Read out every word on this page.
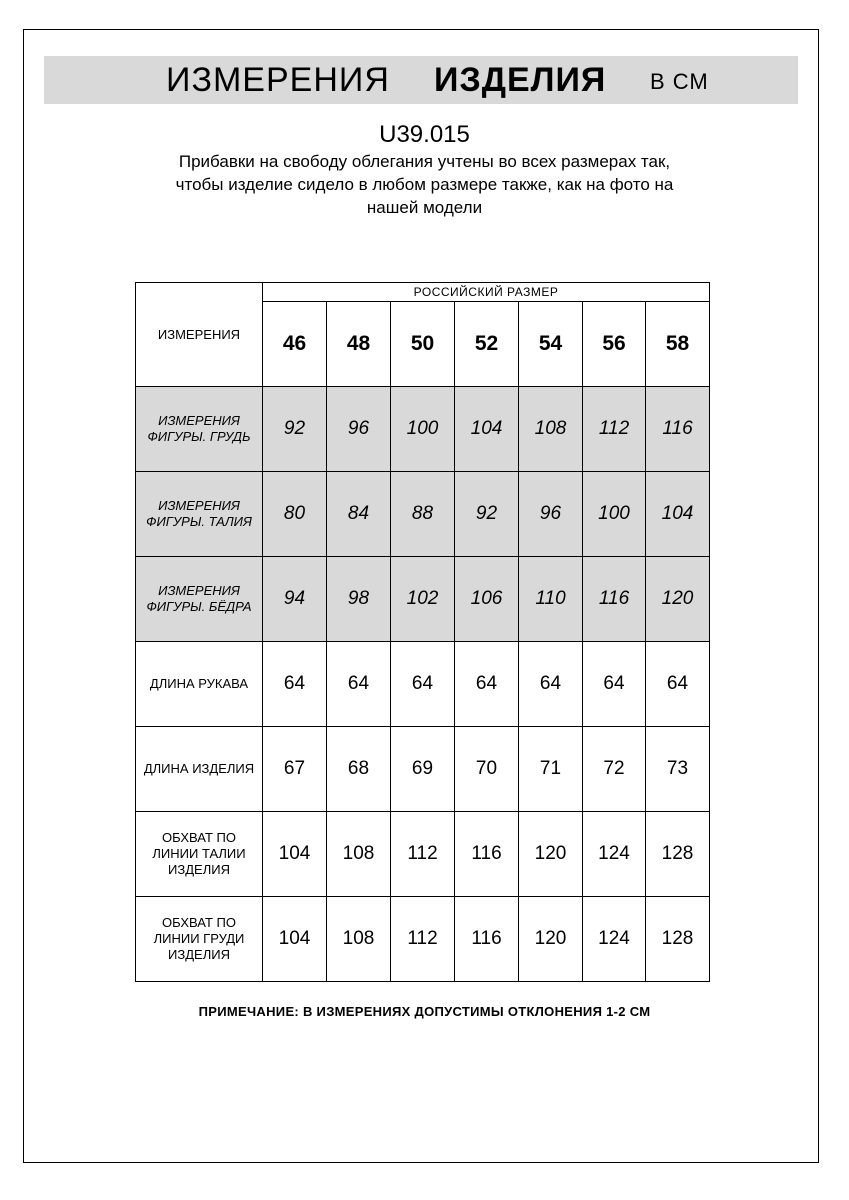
ИЗМЕРЕНИЯ ИЗДЕЛИЯ В СМ
U39.015
Прибавки на свободу облегания учтены во всех размерах так,
чтобы изделие сидело в любом размере также, как на фото на
нашей модели
ИЗМЕРЕНИЯ	РОССИЙСКИЙ РАЗМЕР						
	46	48	50	52	54	56	58

ИЗМЕРЕНИЯ
ФИГУРЫ. ГРУДЬ	92	96	100	104	108	112	116

ИЗМЕРЕНИЯ
ФИГУРЫ. ТАЛИЯ	80	84	88	92	96	100	104

ИЗМЕРЕНИЯ
ФИГУРЫ. БЁДРА	94	98	102	106	110	116	120

ДЛИНА РУКАВА	64	64	64	64	64	64	64

ДЛИНА ИЗДЕЛИЯ	67	68	69	70	71	72	73

ОБХВАТ ПО
ЛИНИИ ТАЛИИ
ИЗДЕЛИЯ	104	108	112	116	120	124	128

ОБХВАТ ПО
ЛИНИИ ГРУДИ
ИЗДЕЛИЯ	104	108	112	116	120	124	128
ПРИМЕЧАНИЕ: В ИЗМЕРЕНИЯХ ДОПУСТИМЫ ОТКЛОНЕНИЯ 1-2 СМ
